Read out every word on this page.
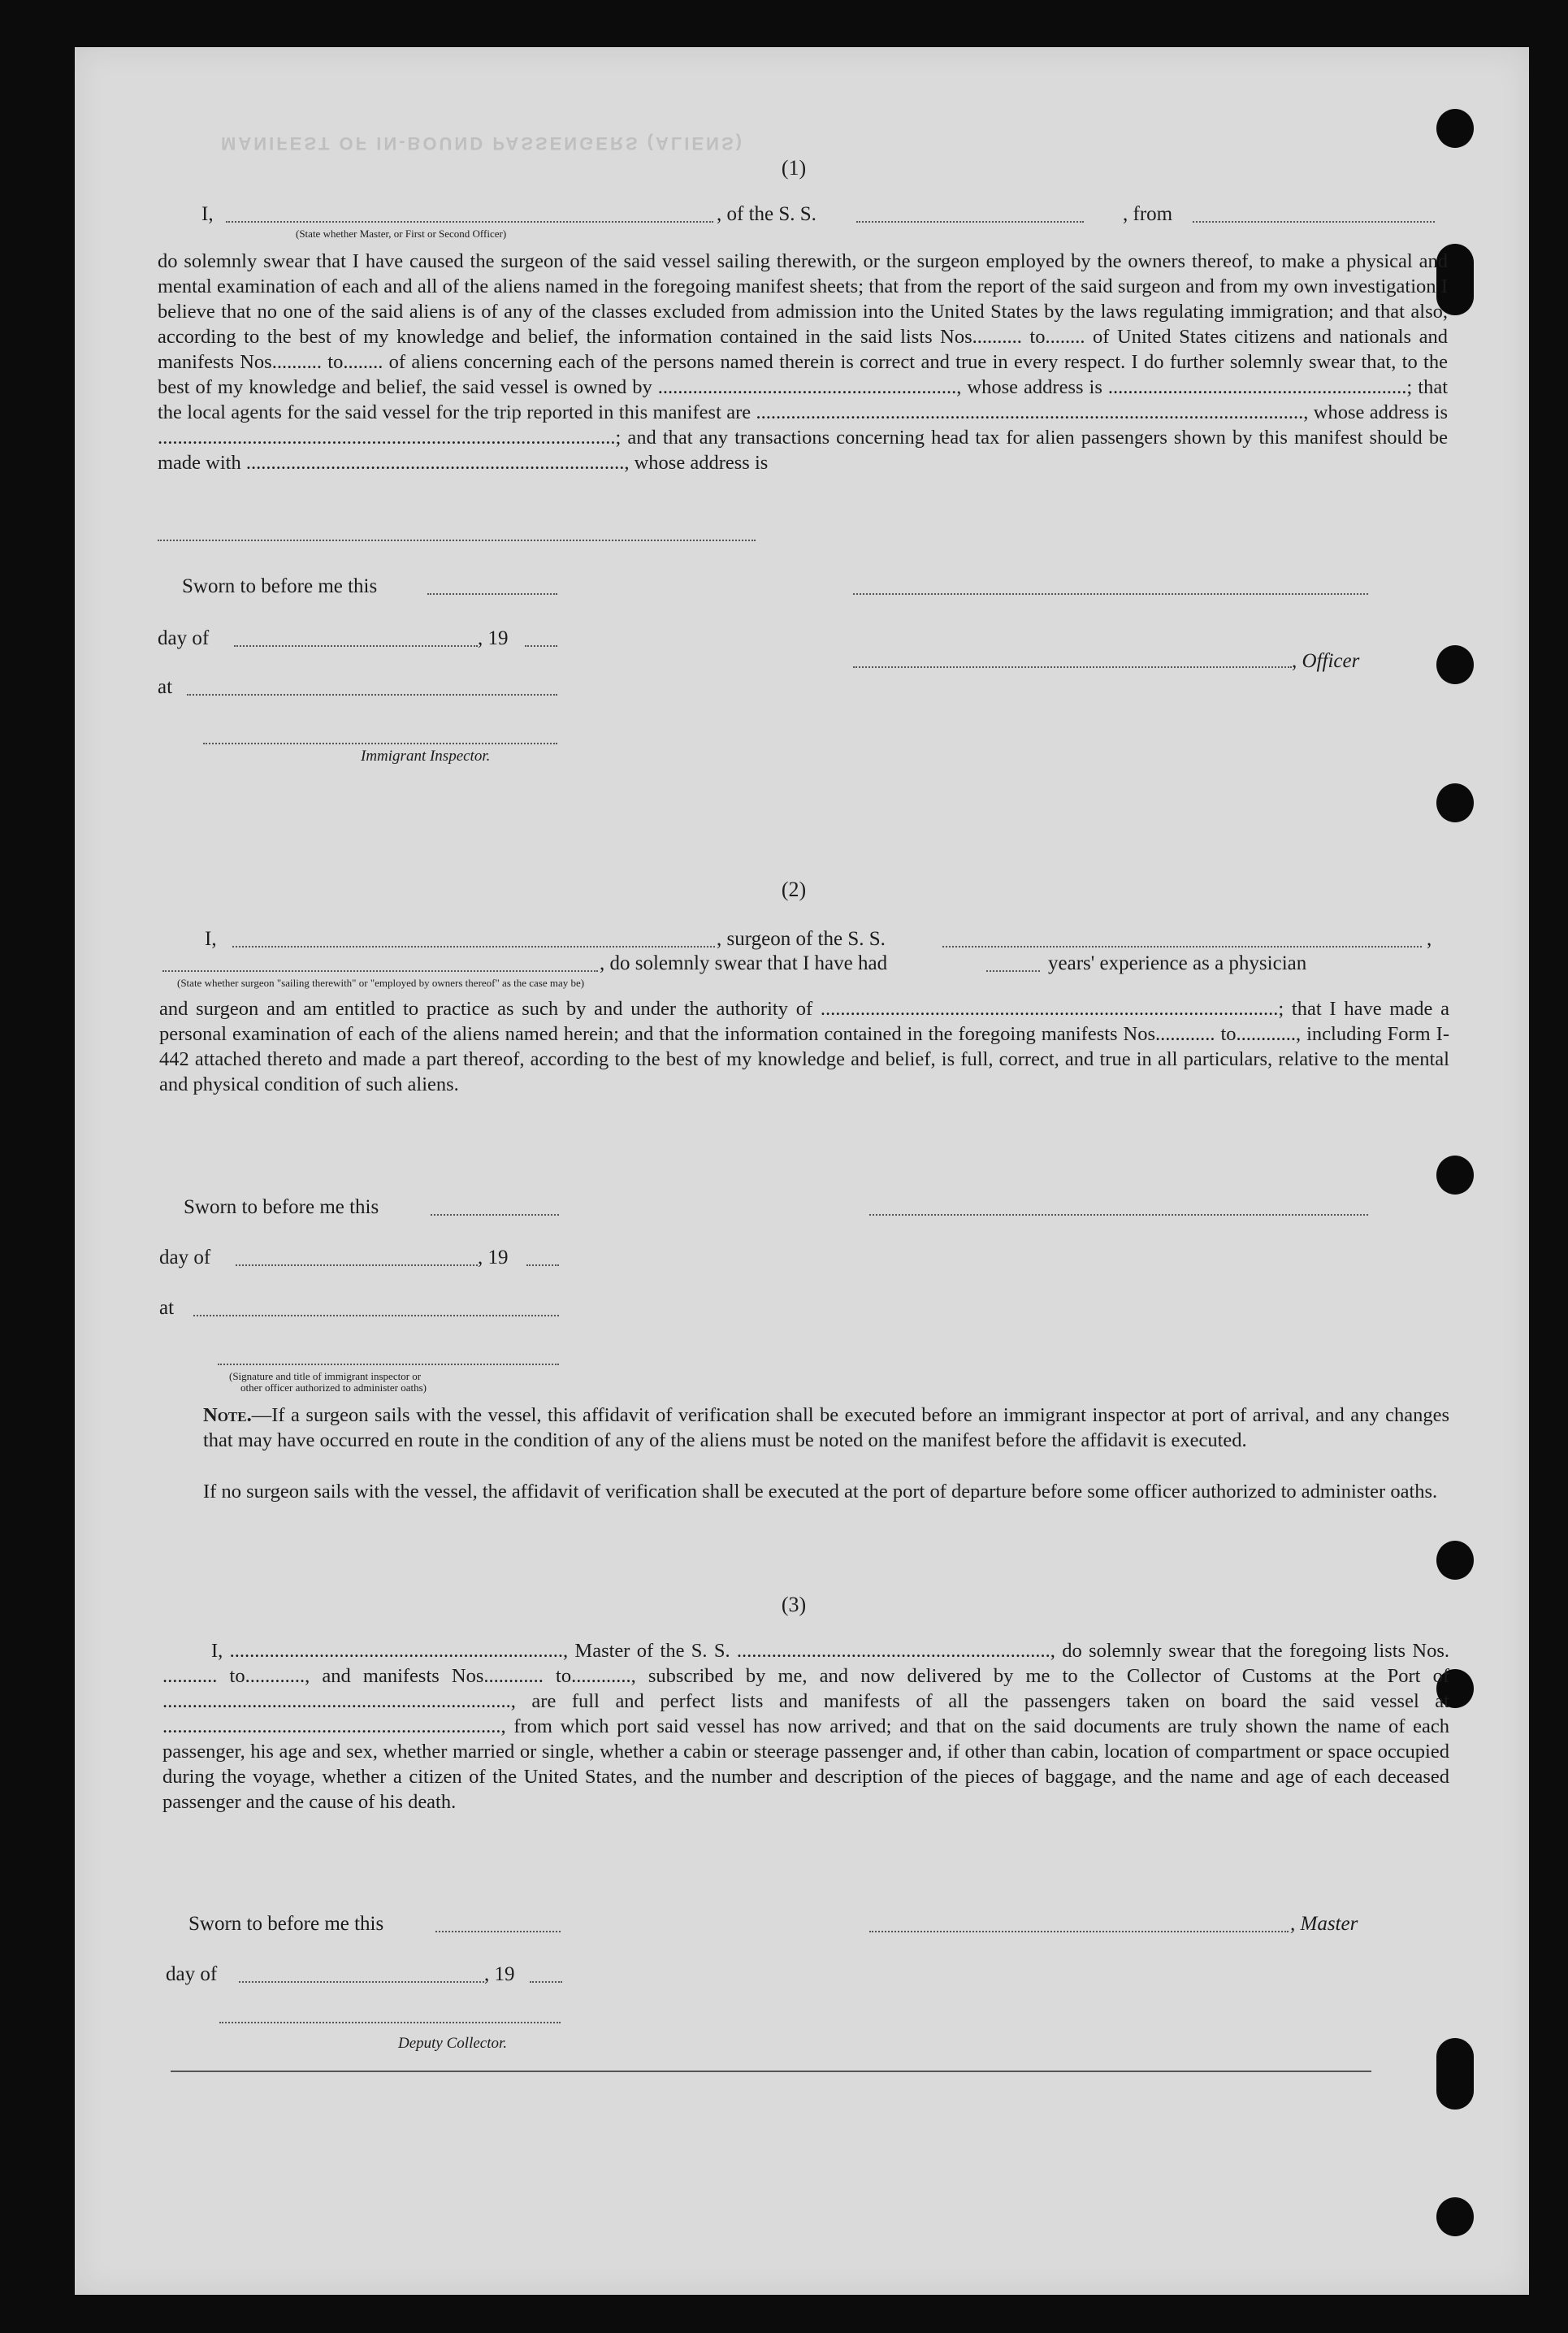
MANIFEST OF IN-BOUND PASSENGERS (ALIENS)
(1)
I,	, of the S. S.	, from
(State whether Master, or First or Second Officer)

do solemnly swear that I have caused the surgeon of the said vessel sailing therewith, or the surgeon employed by the owners thereof, to make a physical and mental examination of each and all of the aliens named in the foregoing manifest sheets; that from the report of the said surgeon and from my own investigation I believe that no one of the said aliens is of any of the classes excluded from admission into the United States by the laws regulating immigration; and that also, according to the best of my knowledge and belief, the information contained in the said lists Nos.......... to........ of United States citizens and nationals and manifests Nos.......... to........ of aliens concerning each of the persons named therein is correct and true in every respect. I do further solemnly swear that, to the best of my knowledge and belief, the said vessel is owned by ............................................................, whose address is ............................................................; that the local agents for the said vessel for the trip reported in this manifest are .............................................................................................................., whose address is ............................................................................................; and that any transactions concerning head tax for alien passengers shown by this manifest should be made with ............................................................................, whose address is

Sworn to before me this
day of	, 19
, Officer
at
Immigrant Inspector.
(2)
I,	, surgeon of the S. S.	,
, do solemnly swear that I have had	years' experience as a physician
(State whether surgeon "sailing therewith" or "employed by owners thereof" as the case may be)

and surgeon and am entitled to practice as such by and under the authority of ............................................................................................; that I have made a personal examination of each of the aliens named herein; and that the information contained in the foregoing manifests Nos............ to............, including Form I-442 attached thereto and made a part thereof, according to the best of my knowledge and belief, is full, correct, and true in all particulars, relative to the mental and physical condition of such aliens.

Sworn to before me this
day of	, 19
at
(Signature and title of immigrant inspector or
other officer authorized to administer oaths)

Note.—If a surgeon sails with the vessel, this affidavit of verification shall be executed before an immigrant inspector at port of arrival, and any changes that may have occurred en route in the condition of any of the aliens must be noted on the manifest before the affidavit is executed.

If no surgeon sails with the vessel, the affidavit of verification shall be executed at the port of departure before some officer authorized to administer oaths.

(3)

I, ..................................................................., Master of the S. S. ..............................................................., do solemnly swear that the foregoing lists Nos. ........... to............, and manifests Nos............ to............, subscribed by me, and now delivered by me to the Collector of Customs at the Port of ......................................................................, are full and perfect lists and manifests of all the passengers taken on board the said vessel at ...................................................................., from which port said vessel has now arrived; and that on the said documents are truly shown the name of each passenger, his age and sex, whether married or single, whether a cabin or steerage passenger and, if other than cabin, location of compartment or space occupied during the voyage, whether a citizen of the United States, and the number and description of the pieces of baggage, and the name and age of each deceased passenger and the cause of his death.

Sworn to before me this	, Master
day of	, 19
Deputy Collector.
